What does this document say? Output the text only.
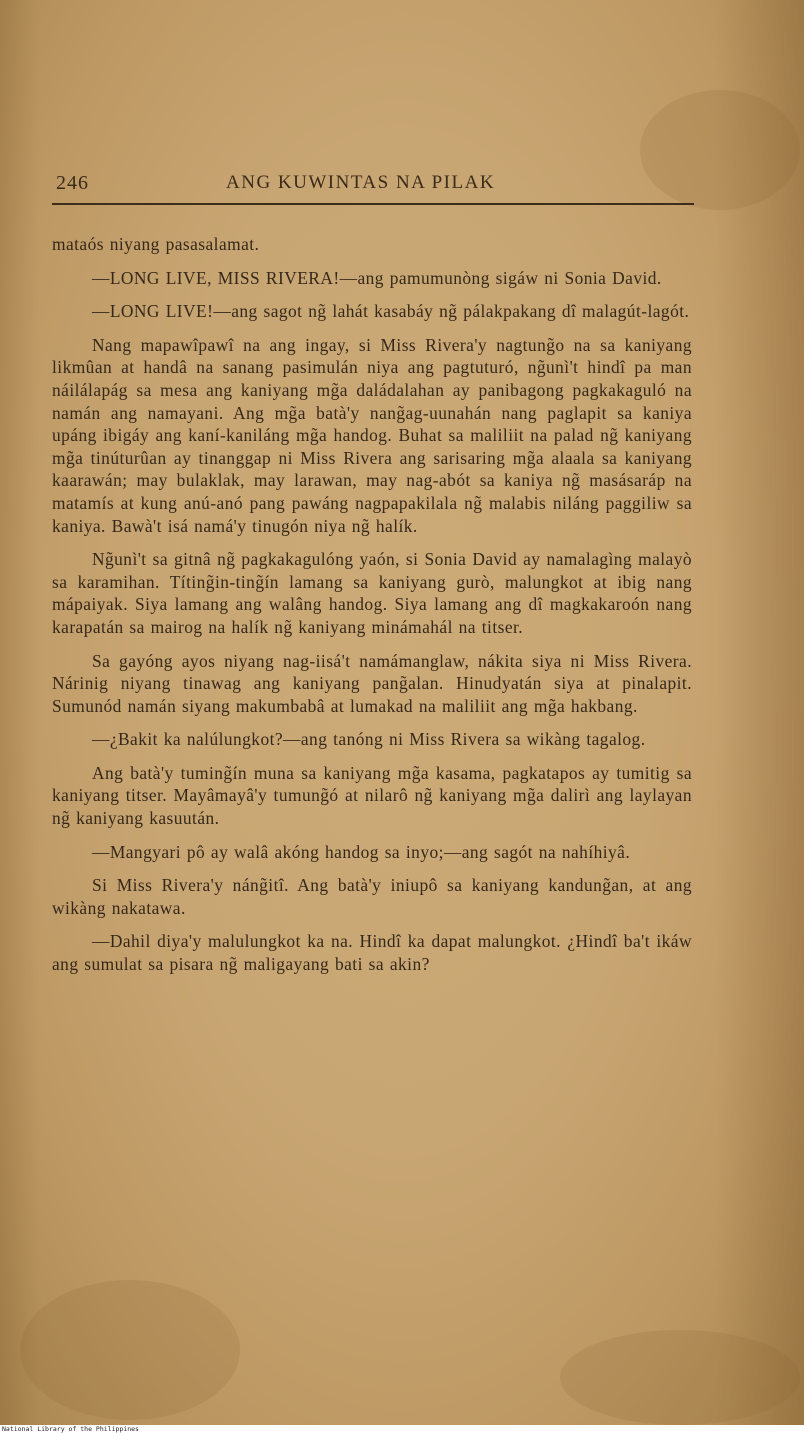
246	ANG KUWINTAS NA PILAK

mataós niyang pasasalamat.

—LONG LIVE, MISS RIVERA!—ang pamumunòng sigáw ni Sonia David.

—LONG LIVE!—ang sagot ng̃ lahát kasabáy ng̃ pálakpakang dî malagút-lagót.

Nang mapawîpawî na ang ingay, si Miss Rivera'y nagtung̃o na sa kaniyang likmûan at handâ na sanang pasimulán niya ang pagtuturó, ng̃unì't hindî pa man náilálapág sa mesa ang kaniyang mg̃a daládalahan ay panibagong pagkakaguló na namán ang namayani. Ang mg̃a batà'y nang̃ag-uunahán nang paglapit sa kaniya upáng ibigáy ang kaní-kaniláng mg̃a handog. Buhat sa maliliit na palad ng̃ kaniyang mg̃a tinúturûan ay tinanggap ni Miss Rivera ang sarisaring mg̃a alaala sa kaniyang kaarawán; may bulaklak, may larawan, may nag-abót sa kaniya ng̃ masásaráp na matamís at kung anú-anó pang pawáng nagpapakilala ng̃ malabis niláng paggiliw sa kaniya. Bawà't isá namá'y tinugón niya ng̃ halík.

Ng̃unì't sa gitnâ ng̃ pagkakagulóng yaón, si Sonia David ay namalagìng malayò sa karamihan. Títing̃in-ting̃ín lamang sa kaniyang gurò, malungkot at ibig nang mápaiyak. Siya lamang ang walâng handog. Siya lamang ang dî magkakaroón nang karapatán sa mairog na halík ng̃ kaniyang minámahál na titser.

Sa gayóng ayos niyang nag-iisá't namámanglaw, nákita siya ni Miss Rivera. Nárinig niyang tinawag ang kaniyang pang̃alan. Hinudyatán siya at pinalapit. Sumunód namán siyang makumbabâ at lumakad na maliliit ang mg̃a hakbang.

—¿Bakit ka nalúlungkot?—ang tanóng ni Miss Rivera sa wikàng tagalog.

Ang batà'y tuming̃ín muna sa kaniyang mg̃a kasama, pagkatapos ay tumitig sa kaniyang titser. Mayâmayâ'y tumung̃ó at nilarô ng̃ kaniyang mg̃a dalirì ang laylayan ng̃ kaniyang kasuután.

—Mangyari pô ay walâ akóng handog sa inyo;—ang sagót na nahíhiyâ.

Si Miss Rivera'y náng̃itî. Ang batà'y iniupô sa kaniyang kandung̃an, at ang wikàng nakatawa.

—Dahil diya'y malulungkot ka na. Hindî ka dapat malungkot. ¿Hindî ba't ikáw ang sumulat sa pisara ng̃ maligayang bati sa akin?

National Library of the Philippines
